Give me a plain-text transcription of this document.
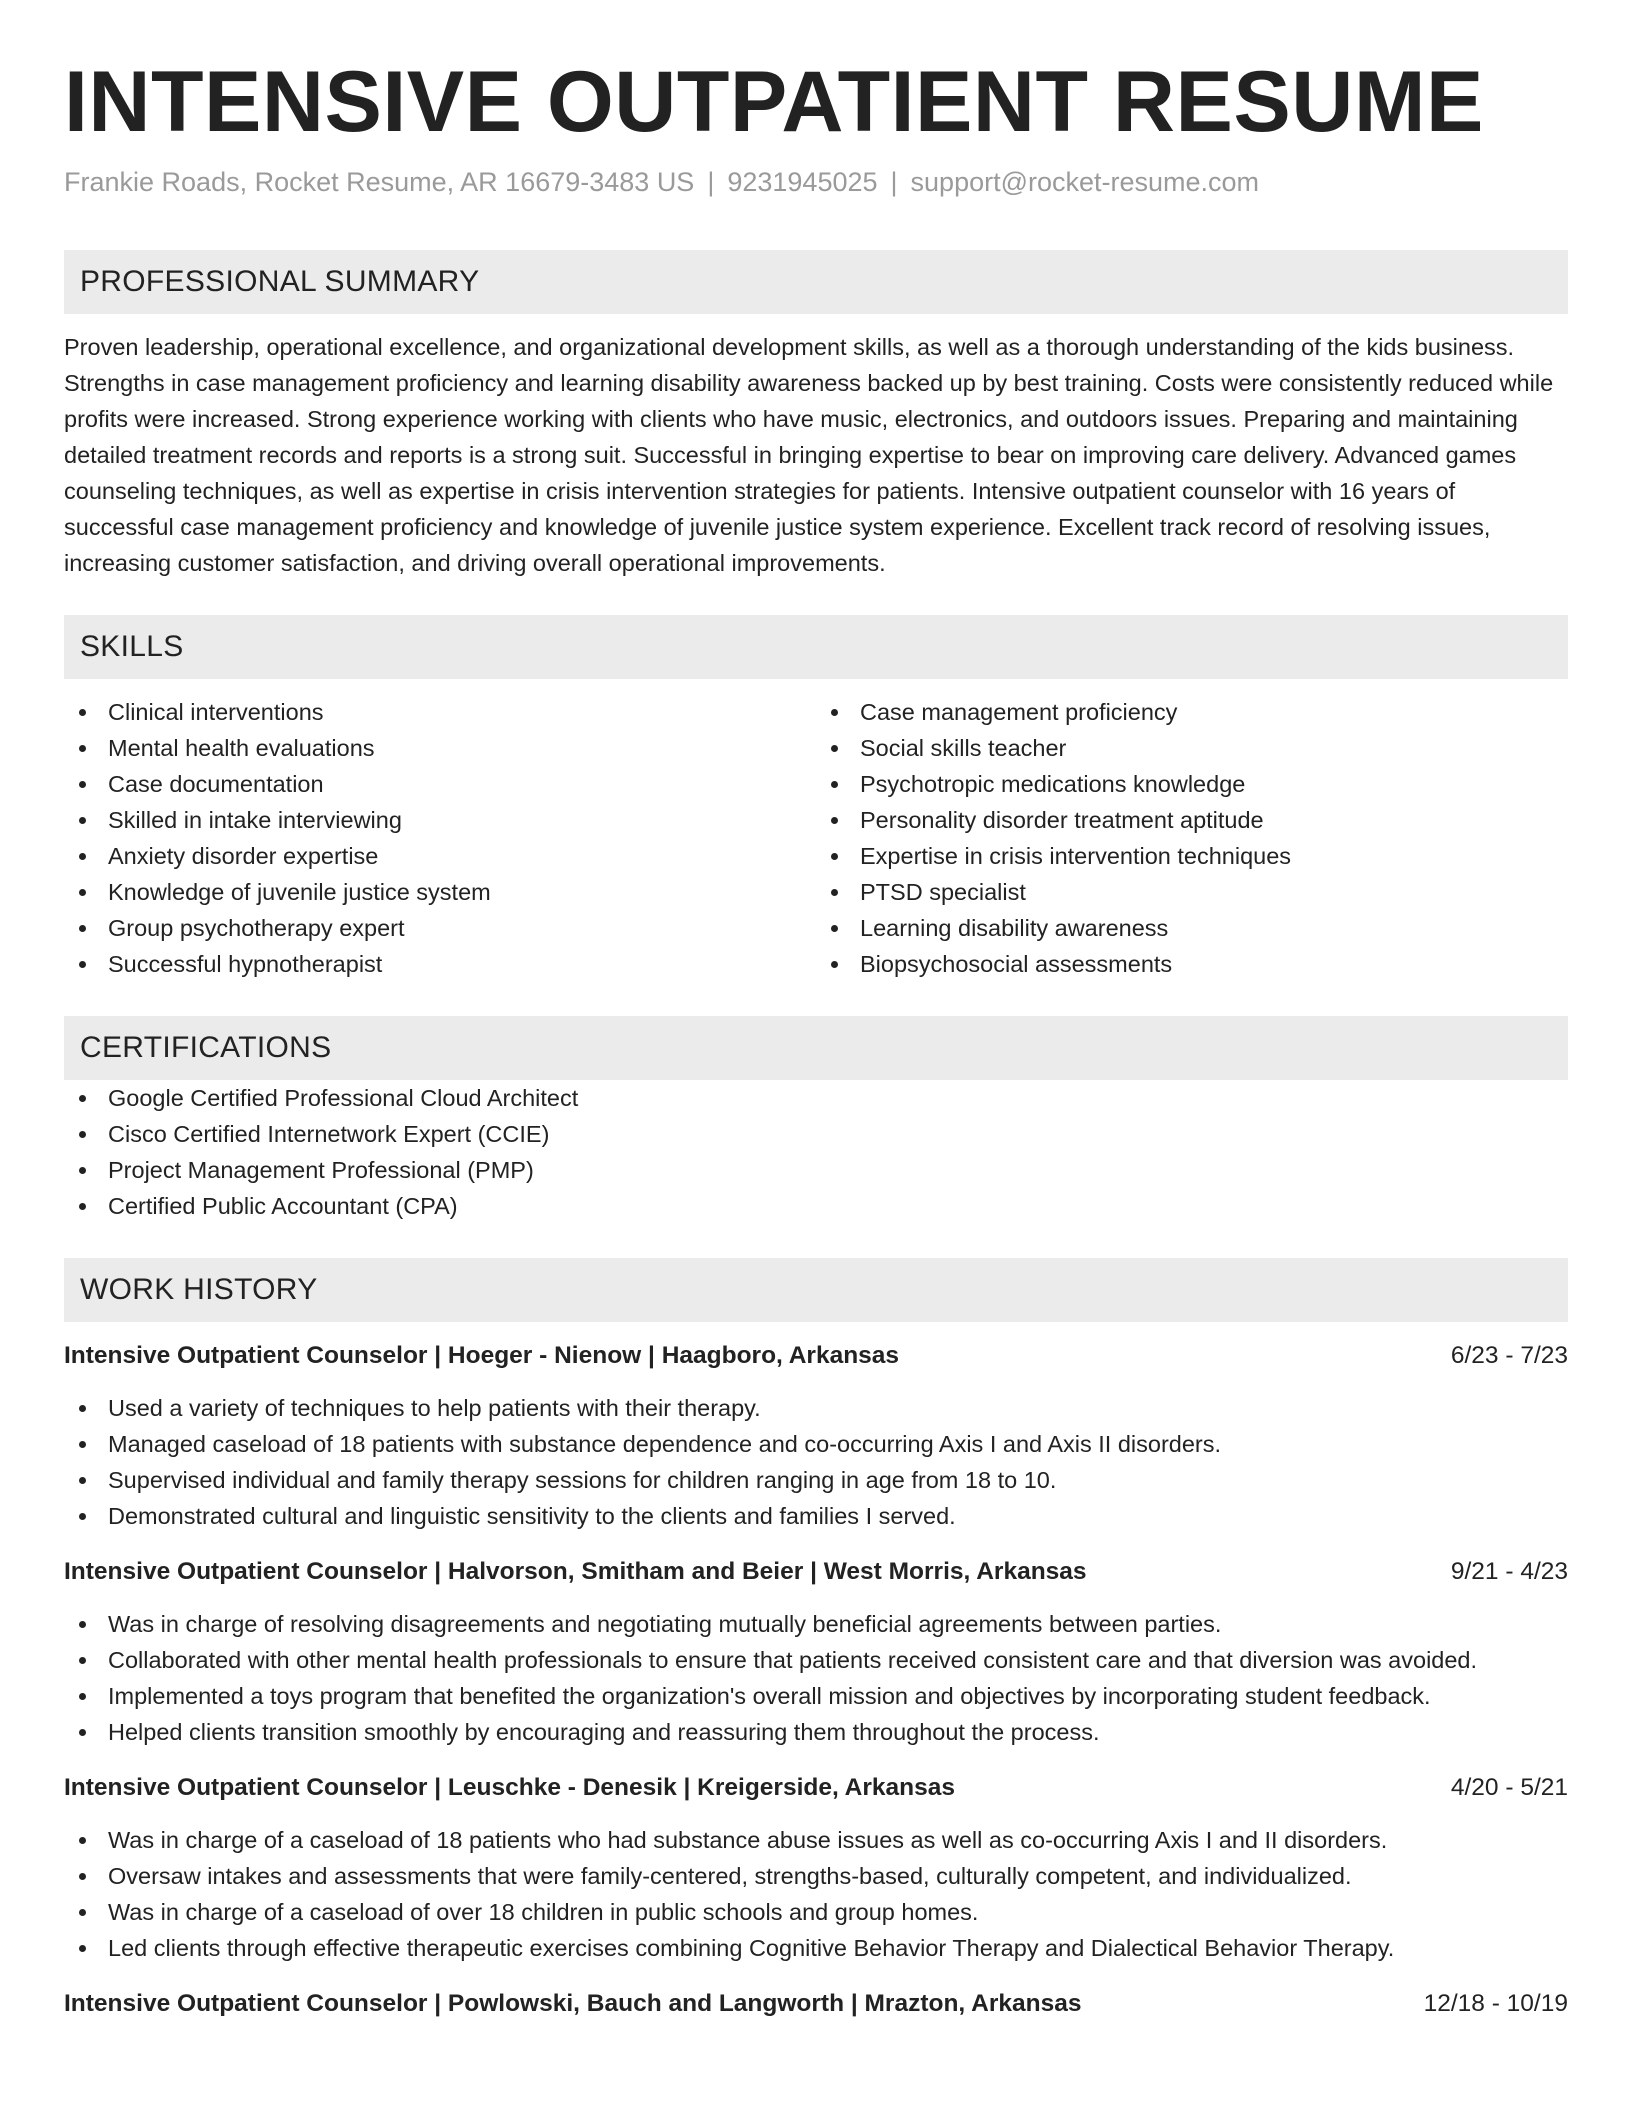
INTENSIVE OUTPATIENT RESUME
Frankie Roads, Rocket Resume, AR 16679-3483 US | 9231945025 | support@rocket-resume.com
PROFESSIONAL SUMMARY

Proven leadership, operational excellence, and organizational development skills, as well as a thorough understanding of the kids business. Strengths in case management proficiency and learning disability awareness backed up by best training. Costs were consistently reduced while profits were increased. Strong experience working with clients who have music, electronics, and outdoors issues. Preparing and maintaining detailed treatment records and reports is a strong suit. Successful in bringing expertise to bear on improving care delivery. Advanced games counseling techniques, as well as expertise in crisis intervention strategies for patients. Intensive outpatient counselor with 16 years of successful case management proficiency and knowledge of juvenile justice system experience. Excellent track record of resolving issues, increasing customer satisfaction, and driving overall operational improvements.

SKILLS
Clinical interventions
Mental health evaluations
Case documentation
Skilled in intake interviewing
Anxiety disorder expertise
Knowledge of juvenile justice system
Group psychotherapy expert
Successful hypnotherapist
Case management proficiency
Social skills teacher
Psychotropic medications knowledge
Personality disorder treatment aptitude
Expertise in crisis intervention techniques
PTSD specialist
Learning disability awareness
Biopsychosocial assessments
CERTIFICATIONS
Google Certified Professional Cloud Architect
Cisco Certified Internetwork Expert (CCIE)
Project Management Professional (PMP)
Certified Public Accountant (CPA)
WORK HISTORY
Intensive Outpatient Counselor | Hoeger - Nienow | Haagboro, Arkansas	6/23 - 7/23
Used a variety of techniques to help patients with their therapy.
Managed caseload of 18 patients with substance dependence and co-occurring Axis I and Axis II disorders.
Supervised individual and family therapy sessions for children ranging in age from 18 to 10.
Demonstrated cultural and linguistic sensitivity to the clients and families I served.
Intensive Outpatient Counselor | Halvorson, Smitham and Beier | West Morris, Arkansas	9/21 - 4/23
Was in charge of resolving disagreements and negotiating mutually beneficial agreements between parties.
Collaborated with other mental health professionals to ensure that patients received consistent care and that diversion was avoided.
Implemented a toys program that benefited the organization's overall mission and objectives by incorporating student feedback.
Helped clients transition smoothly by encouraging and reassuring them throughout the process.
Intensive Outpatient Counselor | Leuschke - Denesik | Kreigerside, Arkansas	4/20 - 5/21
Was in charge of a caseload of 18 patients who had substance abuse issues as well as co-occurring Axis I and II disorders.
Oversaw intakes and assessments that were family-centered, strengths-based, culturally competent, and individualized.
Was in charge of a caseload of over 18 children in public schools and group homes.
Led clients through effective therapeutic exercises combining Cognitive Behavior Therapy and Dialectical Behavior Therapy.
Intensive Outpatient Counselor | Powlowski, Bauch and Langworth | Mrazton, Arkansas	12/18 - 10/19
